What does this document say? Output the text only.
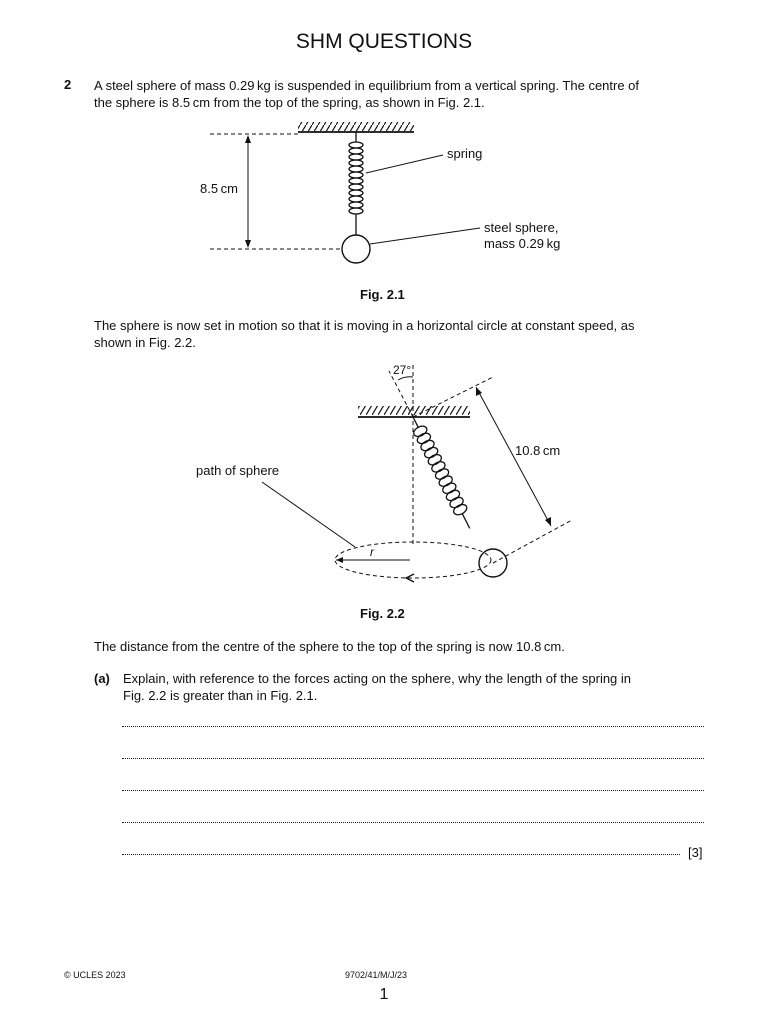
SHM QUESTIONS
2 A steel sphere of mass 0.29 kg is suspended in equilibrium from a vertical spring. The centre of
the sphere is 8.5 cm from the top of the spring, as shown in Fig. 2.1.
8.5 cm
spring
steel sphere,
mass 0.29 kg
Fig. 2.1
The sphere is now set in motion so that it is moving in a horizontal circle at constant speed, as
shown in Fig. 2.2.
27°
r
10.8 cm
path of sphere
Fig. 2.2
The distance from the centre of the sphere to the top of the spring is now 10.8 cm.
(a) Explain, with reference to the forces acting on the sphere, why the length of the spring in
Fig. 2.2 is greater than in Fig. 2.1.
[3]
© UCLES 2023	9702/41/M/J/23
1
